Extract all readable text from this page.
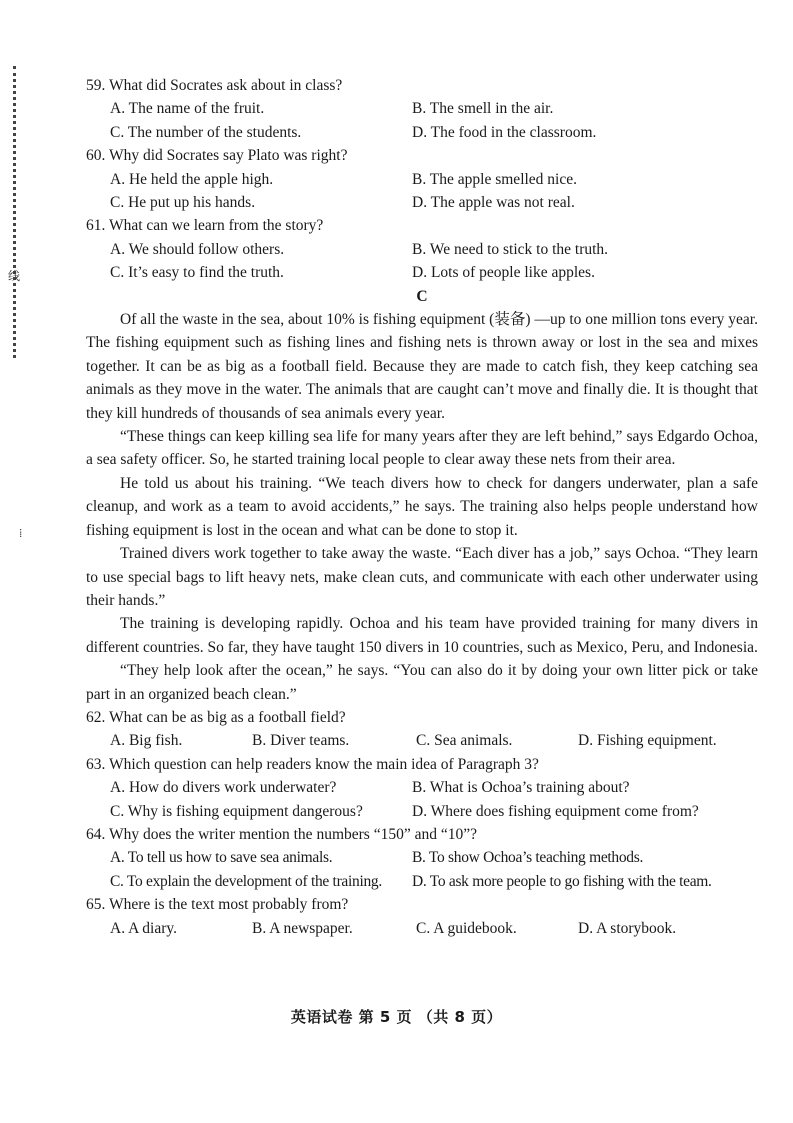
线
⁞

59. What did Socrates ask about in class?

A. The name of the fruit.	B. The smell in the air.
C. The number of the students.	D. The food in the classroom.

60. Why did Socrates say Plato was right?

A. He held the apple high.	B. The apple smelled nice.
C. He put up his hands.	D. The apple was not real.

61. What can we learn from the story?

A. We should follow others.	B. We need to stick to the truth.
C. It’s easy to find the truth.	D. Lots of people like apples.

C

Of all the waste in the sea, about 10% is fishing equipment (装备) —up to one million tons every year. The fishing equipment such as fishing lines and fishing nets is thrown away or lost in the sea and mixes together. It can be as big as a football field. Because they are made to catch fish, they keep catching sea animals as they move in the water. The animals that are caught can’t move and finally die. It is thought that they kill hundreds of thousands of sea animals every year.

“These things can keep killing sea life for many years after they are left behind,” says Edgardo Ochoa, a sea safety officer. So, he started training local people to clear away these nets from their area.

He told us about his training. “We teach divers how to check for dangers underwater, plan a safe cleanup, and work as a team to avoid accidents,” he says. The training also helps people understand how fishing equipment is lost in the ocean and what can be done to stop it.

Trained divers work together to take away the waste. “Each diver has a job,” says Ochoa. “They learn to use special bags to lift heavy nets, make clean cuts, and communicate with each other underwater using their hands.”

The training is developing rapidly. Ochoa and his team have provided training for many divers in different countries. So far, they have taught 150 divers in 10 countries, such as Mexico, Peru, and Indonesia.

“They help look after the ocean,” he says. “You can also do it by doing your own litter pick or take part in an organized beach clean.”

62. What can be as big as a football field?

A. Big fish.	B. Diver teams.	C. Sea animals.	D. Fishing equipment.

63. Which question can help readers know the main idea of Paragraph 3?

A. How do divers work underwater?	B. What is Ochoa’s training about?
C. Why is fishing equipment dangerous?	D. Where does fishing equipment come from?

64. Why does the writer mention the numbers “150” and “10”?

A. To tell us how to save sea animals.	B. To show Ochoa’s teaching methods.
C. To explain the development of the training.	D. To ask more people to go fishing with the team.

65. Where is the text most probably from?

A. A diary.	B. A newspaper.	C. A guidebook.	D. A storybook.
英语试卷 第 5 页 （共 8 页）
